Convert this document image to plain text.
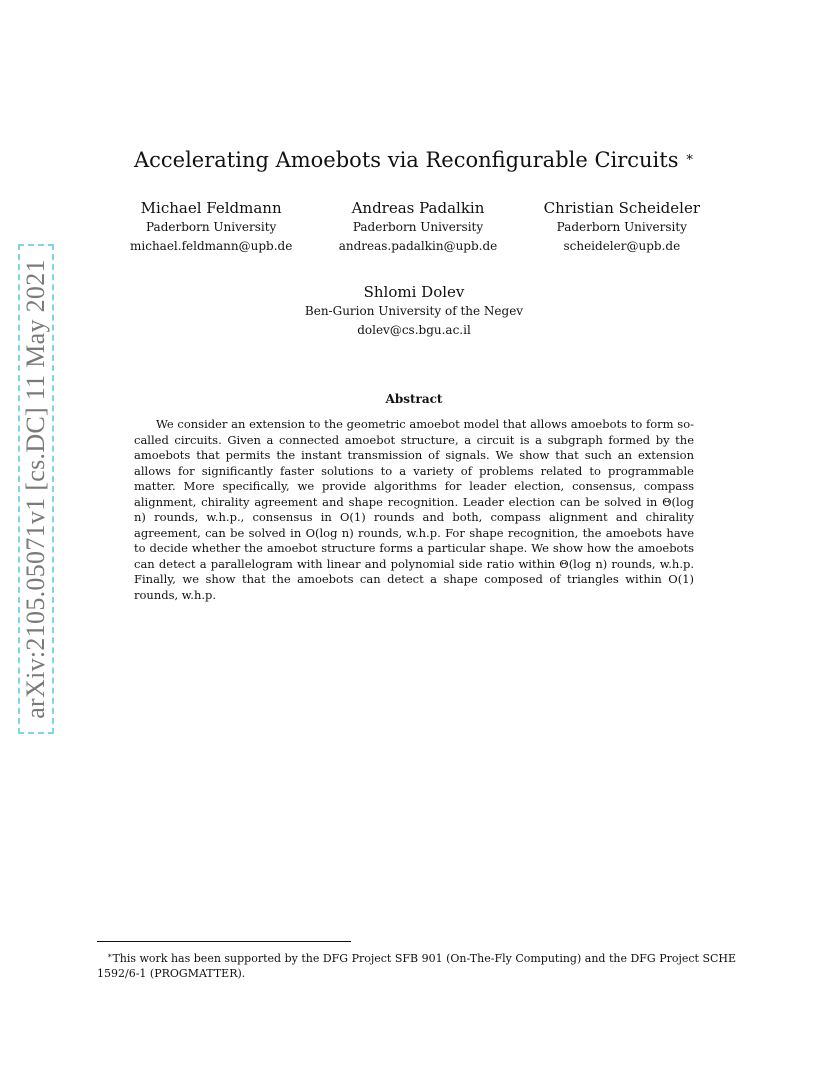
arXiv:2105.05071v1 [cs.DC] 11 May 2021
Accelerating Amoebots via Reconfigurable Circuits ∗
Michael Feldmann
Paderborn University
michael.feldmann@upb.de
Andreas Padalkin
Paderborn University
andreas.padalkin@upb.de
Christian Scheideler
Paderborn University
scheideler@upb.de
Shlomi Dolev
Ben-Gurion University of the Negev
dolev@cs.bgu.ac.il
Abstract
We consider an extension to the geometric amoebot model that allows amoebots to form so-called circuits. Given a connected amoebot structure, a circuit is a subgraph formed by the amoebots that permits the instant transmission of signals. We show that such an extension allows for significantly faster solutions to a variety of problems related to programmable matter. More specifically, we provide algorithms for leader election, consensus, compass alignment, chirality agreement and shape recognition. Leader election can be solved in Θ(log n) rounds, w.h.p., consensus in O(1) rounds and both, compass alignment and chirality agreement, can be solved in O(log n) rounds, w.h.p. For shape recognition, the amoebots have to decide whether the amoebot structure forms a particular shape. We show how the amoebots can detect a parallelogram with linear and polynomial side ratio within Θ(log n) rounds, w.h.p. Finally, we show that the amoebots can detect a shape composed of triangles within O(1) rounds, w.h.p.
∗This work has been supported by the DFG Project SFB 901 (On-The-Fly Computing) and the DFG Project SCHE 1592/6-1 (PROGMATTER).
